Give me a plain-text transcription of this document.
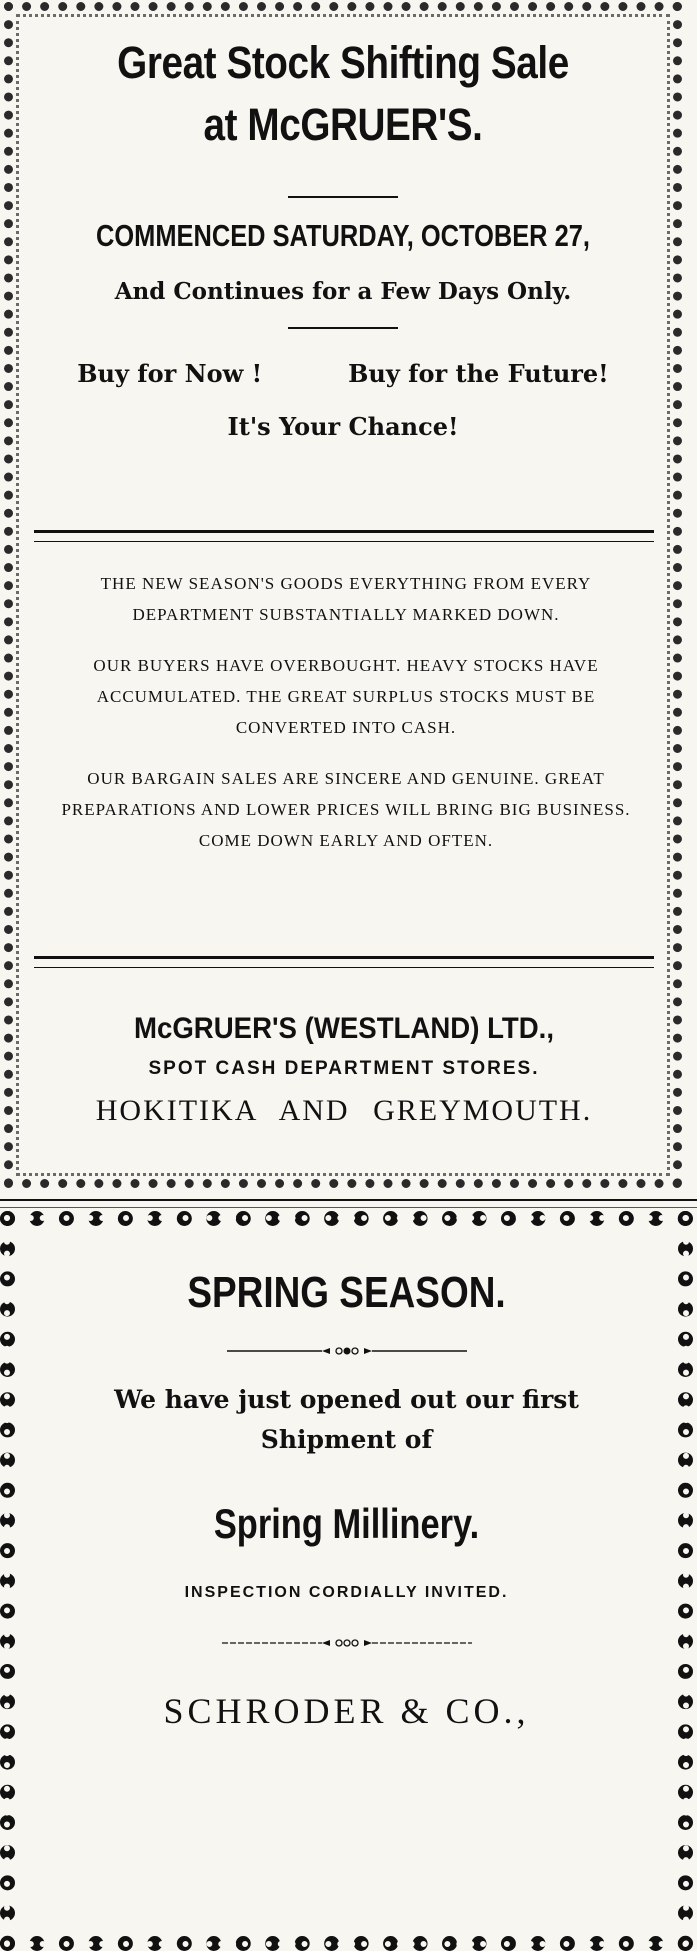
Great Stock Shifting Sale
at McGRUER'S.
COMMENCED SATURDAY, OCTOBER 27,
And Continues for a Few Days Only.
Buy for Now !	Buy for the Future!
It's Your Chance!

THE NEW SEASON'S GOODS EVERYTHING FROM EVERY DEPARTMENT SUBSTANTIALLY MARKED DOWN.

OUR BUYERS HAVE OVERBOUGHT. HEAVY STOCKS HAVE ACCUMULATED. THE GREAT SURPLUS STOCKS MUST BE CONVERTED INTO CASH.

OUR BARGAIN SALES ARE SINCERE AND GENUINE. GREAT PREPARATIONS AND LOWER PRICES WILL BRING BIG BUSINESS. COME DOWN EARLY AND OFTEN.

McGRUER'S (WESTLAND) LTD.,
SPOT CASH DEPARTMENT STORES.
HOKITIKA AND GREYMOUTH.
SPRING SEASON.
We have just opened out our first
Shipment of
Spring Millinery.
INSPECTION CORDIALLY INVITED.
SCHRODER & CO.,
